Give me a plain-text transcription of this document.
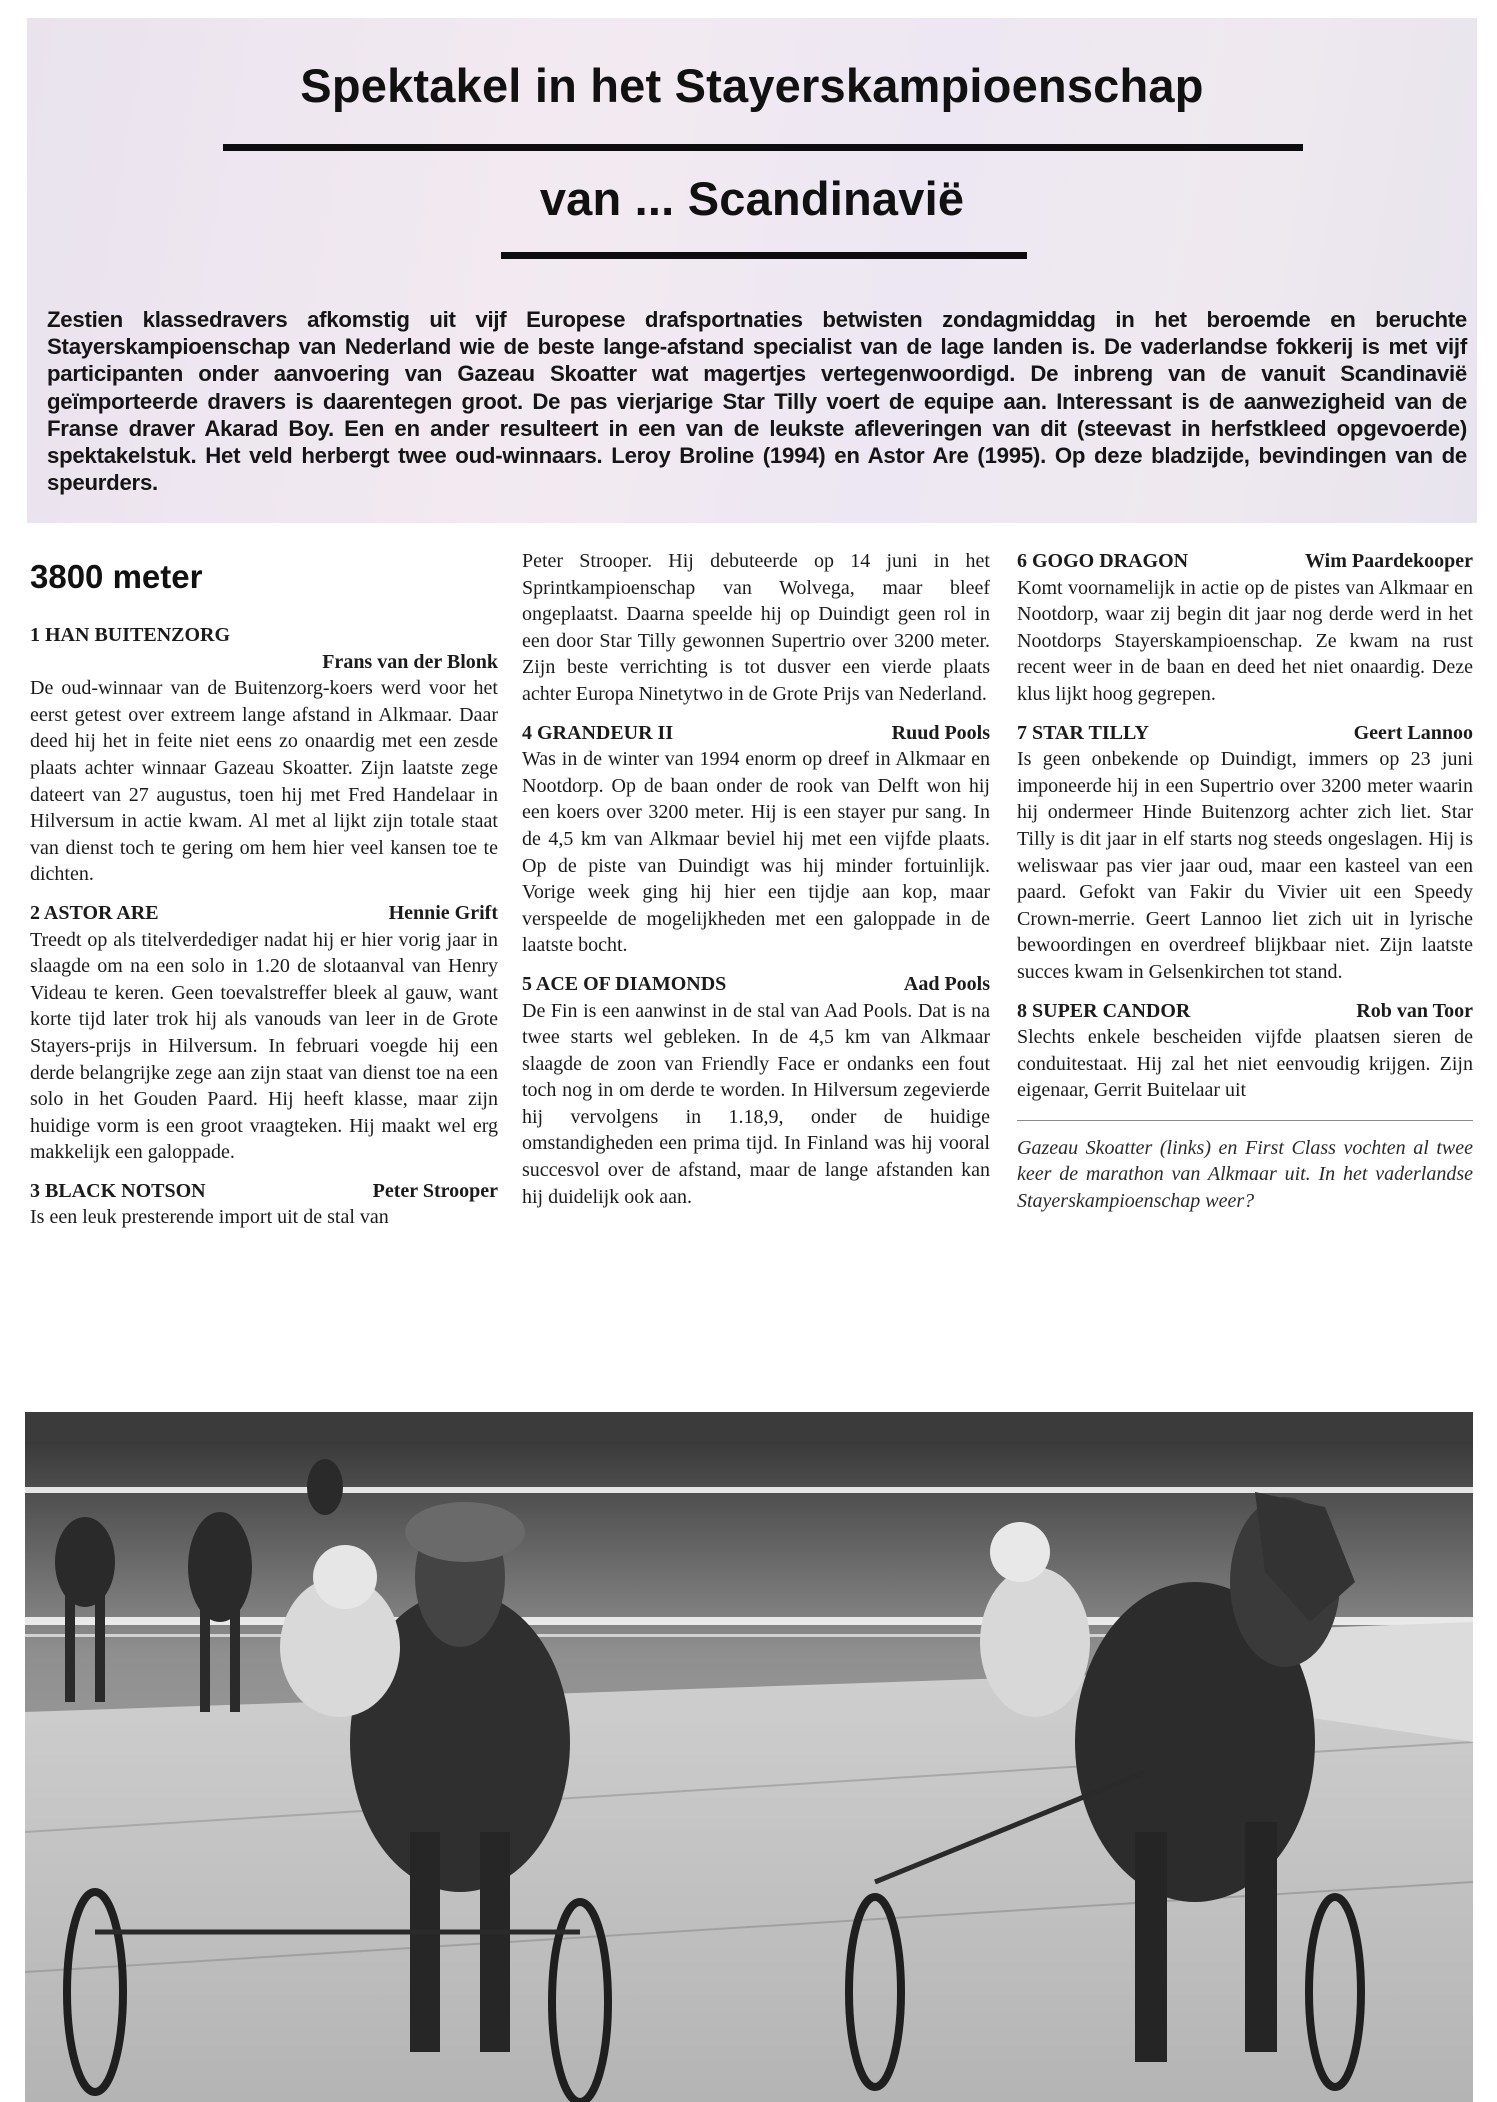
Spektakel in het Stayerskampioenschap
van ... Scandinavië
Zestien klassedravers afkomstig uit vijf Europese drafsportnaties betwisten zondagmiddag in het beroemde en beruchte Stayerskampioenschap van Nederland wie de beste lange-afstand specialist van de lage landen is. De vaderlandse fokkerij is met vijf participanten onder aanvoering van Gazeau Skoatter wat magertjes vertegenwoordigd. De inbreng van de vanuit Scandinavië geïmporteerde dravers is daarentegen groot. De pas vierjarige Star Tilly voert de equipe aan. Interessant is de aanwezigheid van de Franse draver Akarad Boy. Een en ander resulteert in een van de leukste afleveringen van dit (steevast in herfstkleed opgevoerde) spektakelstuk. Het veld herbergt twee oud-winnaars. Leroy Broline (1994) en Astor Are (1995). Op deze bladzijde, bevindingen van de speurders.
3800 meter
1 HAN BUITENZORG
Frans van der Blonk
De oud-winnaar van de Buitenzorg-koers werd voor het eerst getest over extreem lange afstand in Alkmaar. Daar deed hij het in feite niet eens zo onaardig met een zesde plaats achter winnaar Gazeau Skoatter. Zijn laatste zege dateert van 27 augustus, toen hij met Fred Handelaar in Hilversum in actie kwam. Al met al lijkt zijn totale staat van dienst toch te gering om hem hier veel kansen toe te dichten.
2 ASTOR ARE	Hennie Grift
Treedt op als titelverdediger nadat hij er hier vorig jaar in slaagde om na een solo in 1.20 de slotaanval van Henry Videau te keren. Geen toevalstreffer bleek al gauw, want korte tijd later trok hij als vanouds van leer in de Grote Stayers-prijs in Hilversum. In februari voegde hij een derde belangrijke zege aan zijn staat van dienst toe na een solo in het Gouden Paard. Hij heeft klasse, maar zijn huidige vorm is een groot vraagteken. Hij maakt wel erg makkelijk een galoppade.
3 BLACK NOTSON	Peter Strooper
Is een leuk presterende import uit de stal van
Peter Strooper. Hij debuteerde op 14 juni in het Sprintkampioenschap van Wolvega, maar bleef ongeplaatst. Daarna speelde hij op Duindigt geen rol in een door Star Tilly gewonnen Supertrio over 3200 meter. Zijn beste verrichting is tot dusver een vierde plaats achter Europa Ninetytwo in de Grote Prijs van Nederland.
4 GRANDEUR II	Ruud Pools
Was in de winter van 1994 enorm op dreef in Alkmaar en Nootdorp. Op de baan onder de rook van Delft won hij een koers over 3200 meter. Hij is een stayer pur sang. In de 4,5 km van Alkmaar beviel hij met een vijfde plaats. Op de piste van Duindigt was hij minder fortuinlijk. Vorige week ging hij hier een tijdje aan kop, maar verspeelde de mogelijkheden met een galoppade in de laatste bocht.
5 ACE OF DIAMONDS	Aad Pools
De Fin is een aanwinst in de stal van Aad Pools. Dat is na twee starts wel gebleken. In de 4,5 km van Alkmaar slaagde de zoon van Friendly Face er ondanks een fout toch nog in om derde te worden. In Hilversum zegevierde hij vervolgens in 1.18,9, onder de huidige omstandigheden een prima tijd. In Finland was hij vooral succesvol over de afstand, maar de lange afstanden kan hij duidelijk ook aan.
6 GOGO DRAGON	Wim Paardekooper
Komt voornamelijk in actie op de pistes van Alkmaar en Nootdorp, waar zij begin dit jaar nog derde werd in het Nootdorps Stayerskampioenschap. Ze kwam na rust recent weer in de baan en deed het niet onaardig. Deze klus lijkt hoog gegrepen.
7 STAR TILLY	Geert Lannoo
Is geen onbekende op Duindigt, immers op 23 juni imponeerde hij in een Supertrio over 3200 meter waarin hij ondermeer Hinde Buitenzorg achter zich liet. Star Tilly is dit jaar in elf starts nog steeds ongeslagen. Hij is weliswaar pas vier jaar oud, maar een kasteel van een paard. Gefokt van Fakir du Vivier uit een Speedy Crown-merrie. Geert Lannoo liet zich uit in lyrische bewoordingen en overdreef blijkbaar niet. Zijn laatste succes kwam in Gelsenkirchen tot stand.
8 SUPER CANDOR	Rob van Toor
Slechts enkele bescheiden vijfde plaatsen sieren de conduitestaat. Hij zal het niet eenvoudig krijgen. Zijn eigenaar, Gerrit Buitelaar uit
Gazeau Skoatter (links) en First Class vochten al twee keer de marathon van Alkmaar uit. In het vaderlandse Stayerskampioenschap weer?
